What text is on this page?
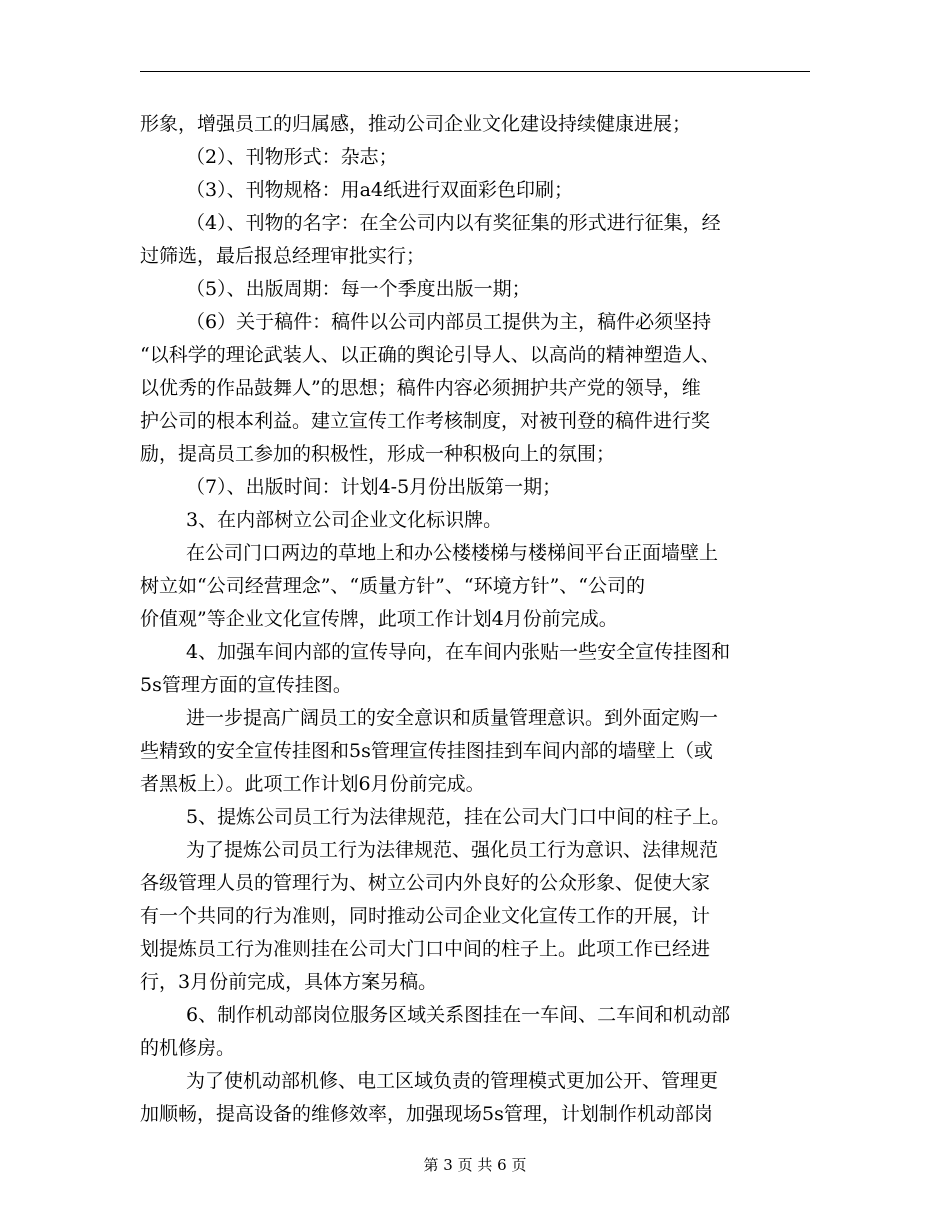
形象，增强员工的归属感，推动公司企业文化建设持续健康进展；
（2）、刊物形式：杂志；
（3）、刊物规格：用a4纸进行双面彩色印刷；
（4）、刊物的名字：在全公司内以有奖征集的形式进行征集，经
过筛选，最后报总经理审批实行；
（5）、出版周期：每一个季度出版一期；
（6）关于稿件：稿件以公司内部员工提供为主，稿件必须坚持
“以科学的理论武装人、以正确的舆论引导人、以高尚的精神塑造人、
以优秀的作品鼓舞人”的思想；稿件内容必须拥护共产党的领导，维
护公司的根本利益。建立宣传工作考核制度，对被刊登的稿件进行奖
励，提高员工参加的积极性，形成一种积极向上的氛围；
（7）、出版时间：计划4-5月份出版第一期；
3、在内部树立公司企业文化标识牌。
在公司门口两边的草地上和办公楼楼梯与楼梯间平台正面墙壁上
树立如“公司经营理念”、“质量方针”、“环境方针”、“公司的
价值观”等企业文化宣传牌，此项工作计划4月份前完成。
4、加强车间内部的宣传导向，在车间内张贴一些安全宣传挂图和
5s管理方面的宣传挂图。
进一步提高广阔员工的安全意识和质量管理意识。到外面定购一
些精致的安全宣传挂图和5s管理宣传挂图挂到车间内部的墙壁上（或
者黑板上）。此项工作计划6月份前完成。
5、提炼公司员工行为法律规范，挂在公司大门口中间的柱子上。
为了提炼公司员工行为法律规范、强化员工行为意识、法律规范
各级管理人员的管理行为、树立公司内外良好的公众形象、促使大家
有一个共同的行为准则，同时推动公司企业文化宣传工作的开展，计
划提炼员工行为准则挂在公司大门口中间的柱子上。此项工作已经进
行，3月份前完成，具体方案另稿。
6、制作机动部岗位服务区域关系图挂在一车间、二车间和机动部
的机修房。
为了使机动部机修、电工区域负责的管理模式更加公开、管理更
加顺畅，提高设备的维修效率，加强现场5s管理，计划制作机动部岗
第 3 页 共 6 页
